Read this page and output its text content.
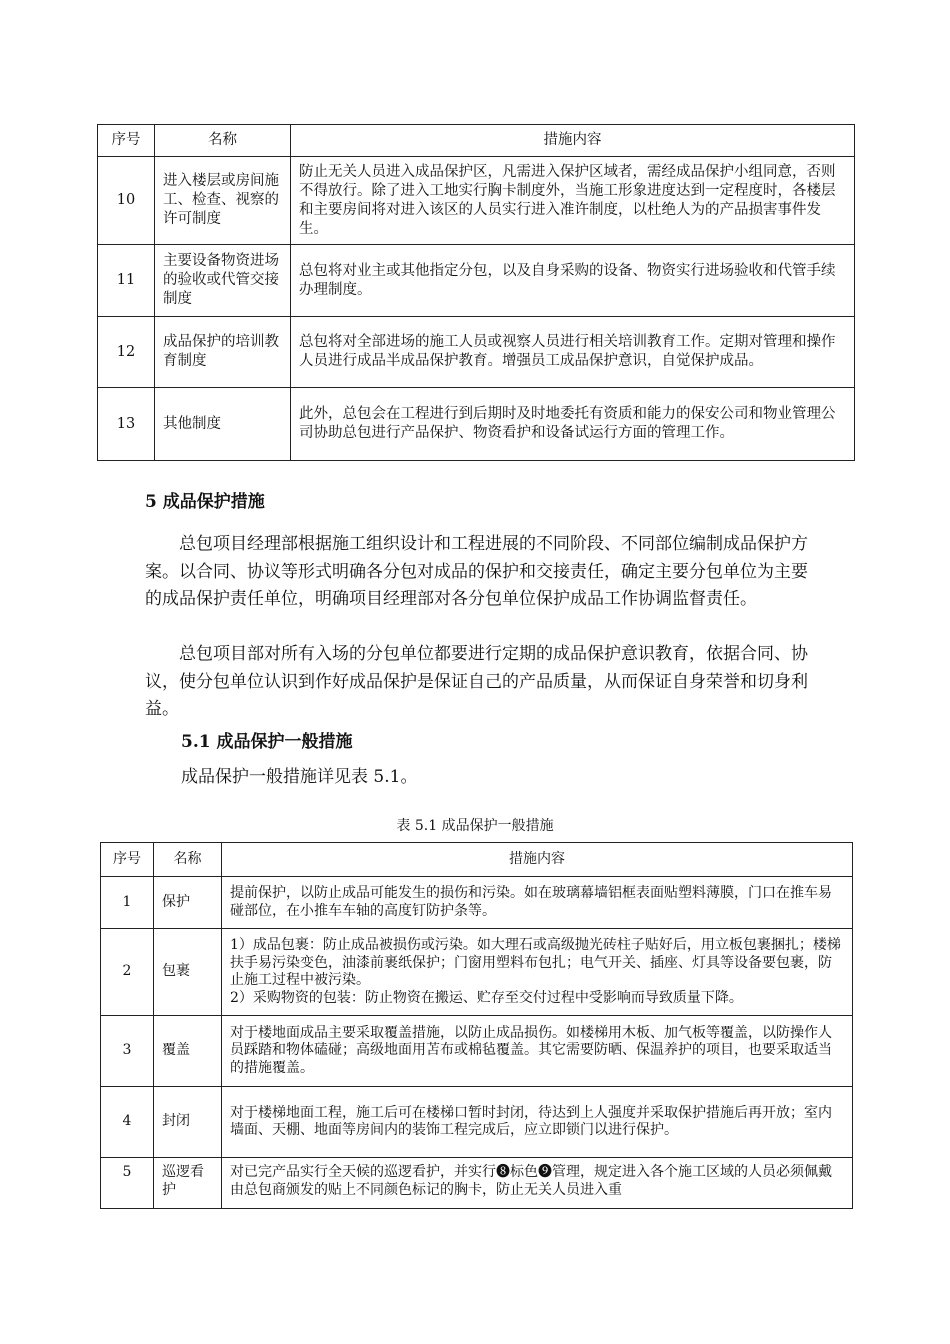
序号	名称	措施内容
10	进入楼层或房间施工、检查、视察的许可制度	防止无关人员进入成品保护区，凡需进入保护区域者，需经成品保护小组同意，否则不得放行。除了进入工地实行胸卡制度外，当施工形象进度达到一定程度时，各楼层和主要房间将对进入该区的人员实行进入准许制度，以杜绝人为的产品损害事件发生。
11	主要设备物资进场的验收或代管交接制度	总包将对业主或其他指定分包，以及自身采购的设备、物资实行进场验收和代管手续办理制度。
12	成品保护的培训教育制度	总包将对全部进场的施工人员或视察人员进行相关培训教育工作。定期对管理和操作人员进行成品半成品保护教育。增强员工成品保护意识，自觉保护成品。
13	其他制度	此外，总包会在工程进行到后期时及时地委托有资质和能力的保安公司和物业管理公司协助总包进行产品保护、物资看护和设备试运行方面的管理工作。
5 成品保护措施

总包项目经理部根据施工组织设计和工程进展的不同阶段、不同部位编制成品保护方案。以合同、协议等形式明确各分包对成品的保护和交接责任，确定主要分包单位为主要的成品保护责任单位，明确项目经理部对各分包单位保护成品工作协调监督责任。

总包项目部对所有入场的分包单位都要进行定期的成品保护意识教育，依据合同、协议，使分包单位认识到作好成品保护是保证自己的产品质量，从而保证自身荣誉和切身利益。

5.1 成品保护一般措施

成品保护一般措施详见表 5.1。

表 5.1 成品保护一般措施

序号	名称	措施内容
1	保护	提前保护，以防止成品可能发生的损伤和污染。如在玻璃幕墙铝框表面贴塑料薄膜，门口在推车易碰部位，在小推车车轴的高度钉防护条等。
2	包裹	1）成品包裹：防止成品被损伤或污染。如大理石或高级抛光砖柱子贴好后，用立板包裹捆扎；楼梯扶手易污染变色，油漆前裹纸保护；门窗用塑料布包扎；电气开关、插座、灯具等设备要包裹，防止施工过程中被污染。
2）采购物资的包装：防止物资在搬运、贮存至交付过程中受影响而导致质量下降。

3	覆盖	对于楼地面成品主要采取覆盖措施，以防止成品损伤。如楼梯用木板、加气板等覆盖，以防操作人员踩踏和物体磕碰；高级地面用苫布或棉毡覆盖。其它需要防晒、保温养护的项目，也要采取适当的措施覆盖。
4	封闭	对于楼梯地面工程，施工后可在楼梯口暂时封闭，待达到上人强度并采取保护措施后再开放；室内墙面、天棚、地面等房间内的装饰工程完成后，应立即锁门以进行保护。
5	巡逻看护	对已完产品实行全天候的巡逻看护，并实行❽标色❾管理，规定进入各个施工区域的人员必须佩戴由总包商颁发的贴上不同颜色标记的胸卡，防止无关人员进入重
